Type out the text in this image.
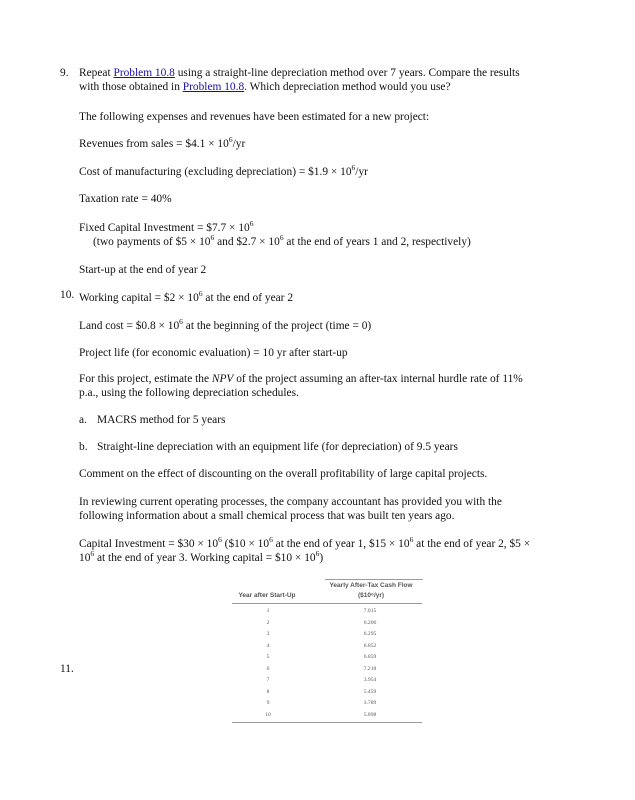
9. Repeat Problem 10.8 using a straight-line depreciation method over 7 years. Compare the results
with those obtained in Problem 10.8. Which depreciation method would you use?
The following expenses and revenues have been estimated for a new project:
Revenues from sales = $4.1 × $10^6/yr$
Cost of manufacturing (excluding depreciation) = $1.9 × $10^6/yr$
Taxation rate = 40%
Fixed Capital Investment = $7.7 × $10^6$
(two payments of $5 × $10^6$ and $2.7 × $10^6$ at the end of years 1 and 2, respectively)
Start-up at the end of year 2
10. Working capital = $2 × $10^6$ at the end of year 2
Land cost = $0.8 × $10^6$ at the beginning of the project (time = 0)
Project life (for economic evaluation) = 10 yr after start-up
For this project, estimate the NPV of the project assuming an after-tax internal hurdle rate of 11%
p.a., using the following depreciation schedules.
a. MACRS method for 5 years
b. Straight-line depreciation with an equipment life (for depreciation) of 9.5 years
Comment on the effect of discounting on the overall profitability of large capital projects.
In reviewing current operating processes, the company accountant has provided you with the
following information about a small chemical process that was built ten years ago.
Capital Investment = $30 × $10^6$ ($10 × $10^6$ at the end of year 1, $15 × $10^6$ at the end of year 2, $5 ×
$10^6$ at the end of year 3. Working capital = $10 × $10^6$)
11.
Year after Start-Up
Yearly After-Tax Cash Flow
($10⁶/yr)
1	7.015
2	6.206
3	6.295
4	6.852
5	6.859
6	7.218
7	3.954
8	5.459
9	3.789
10	5.898
